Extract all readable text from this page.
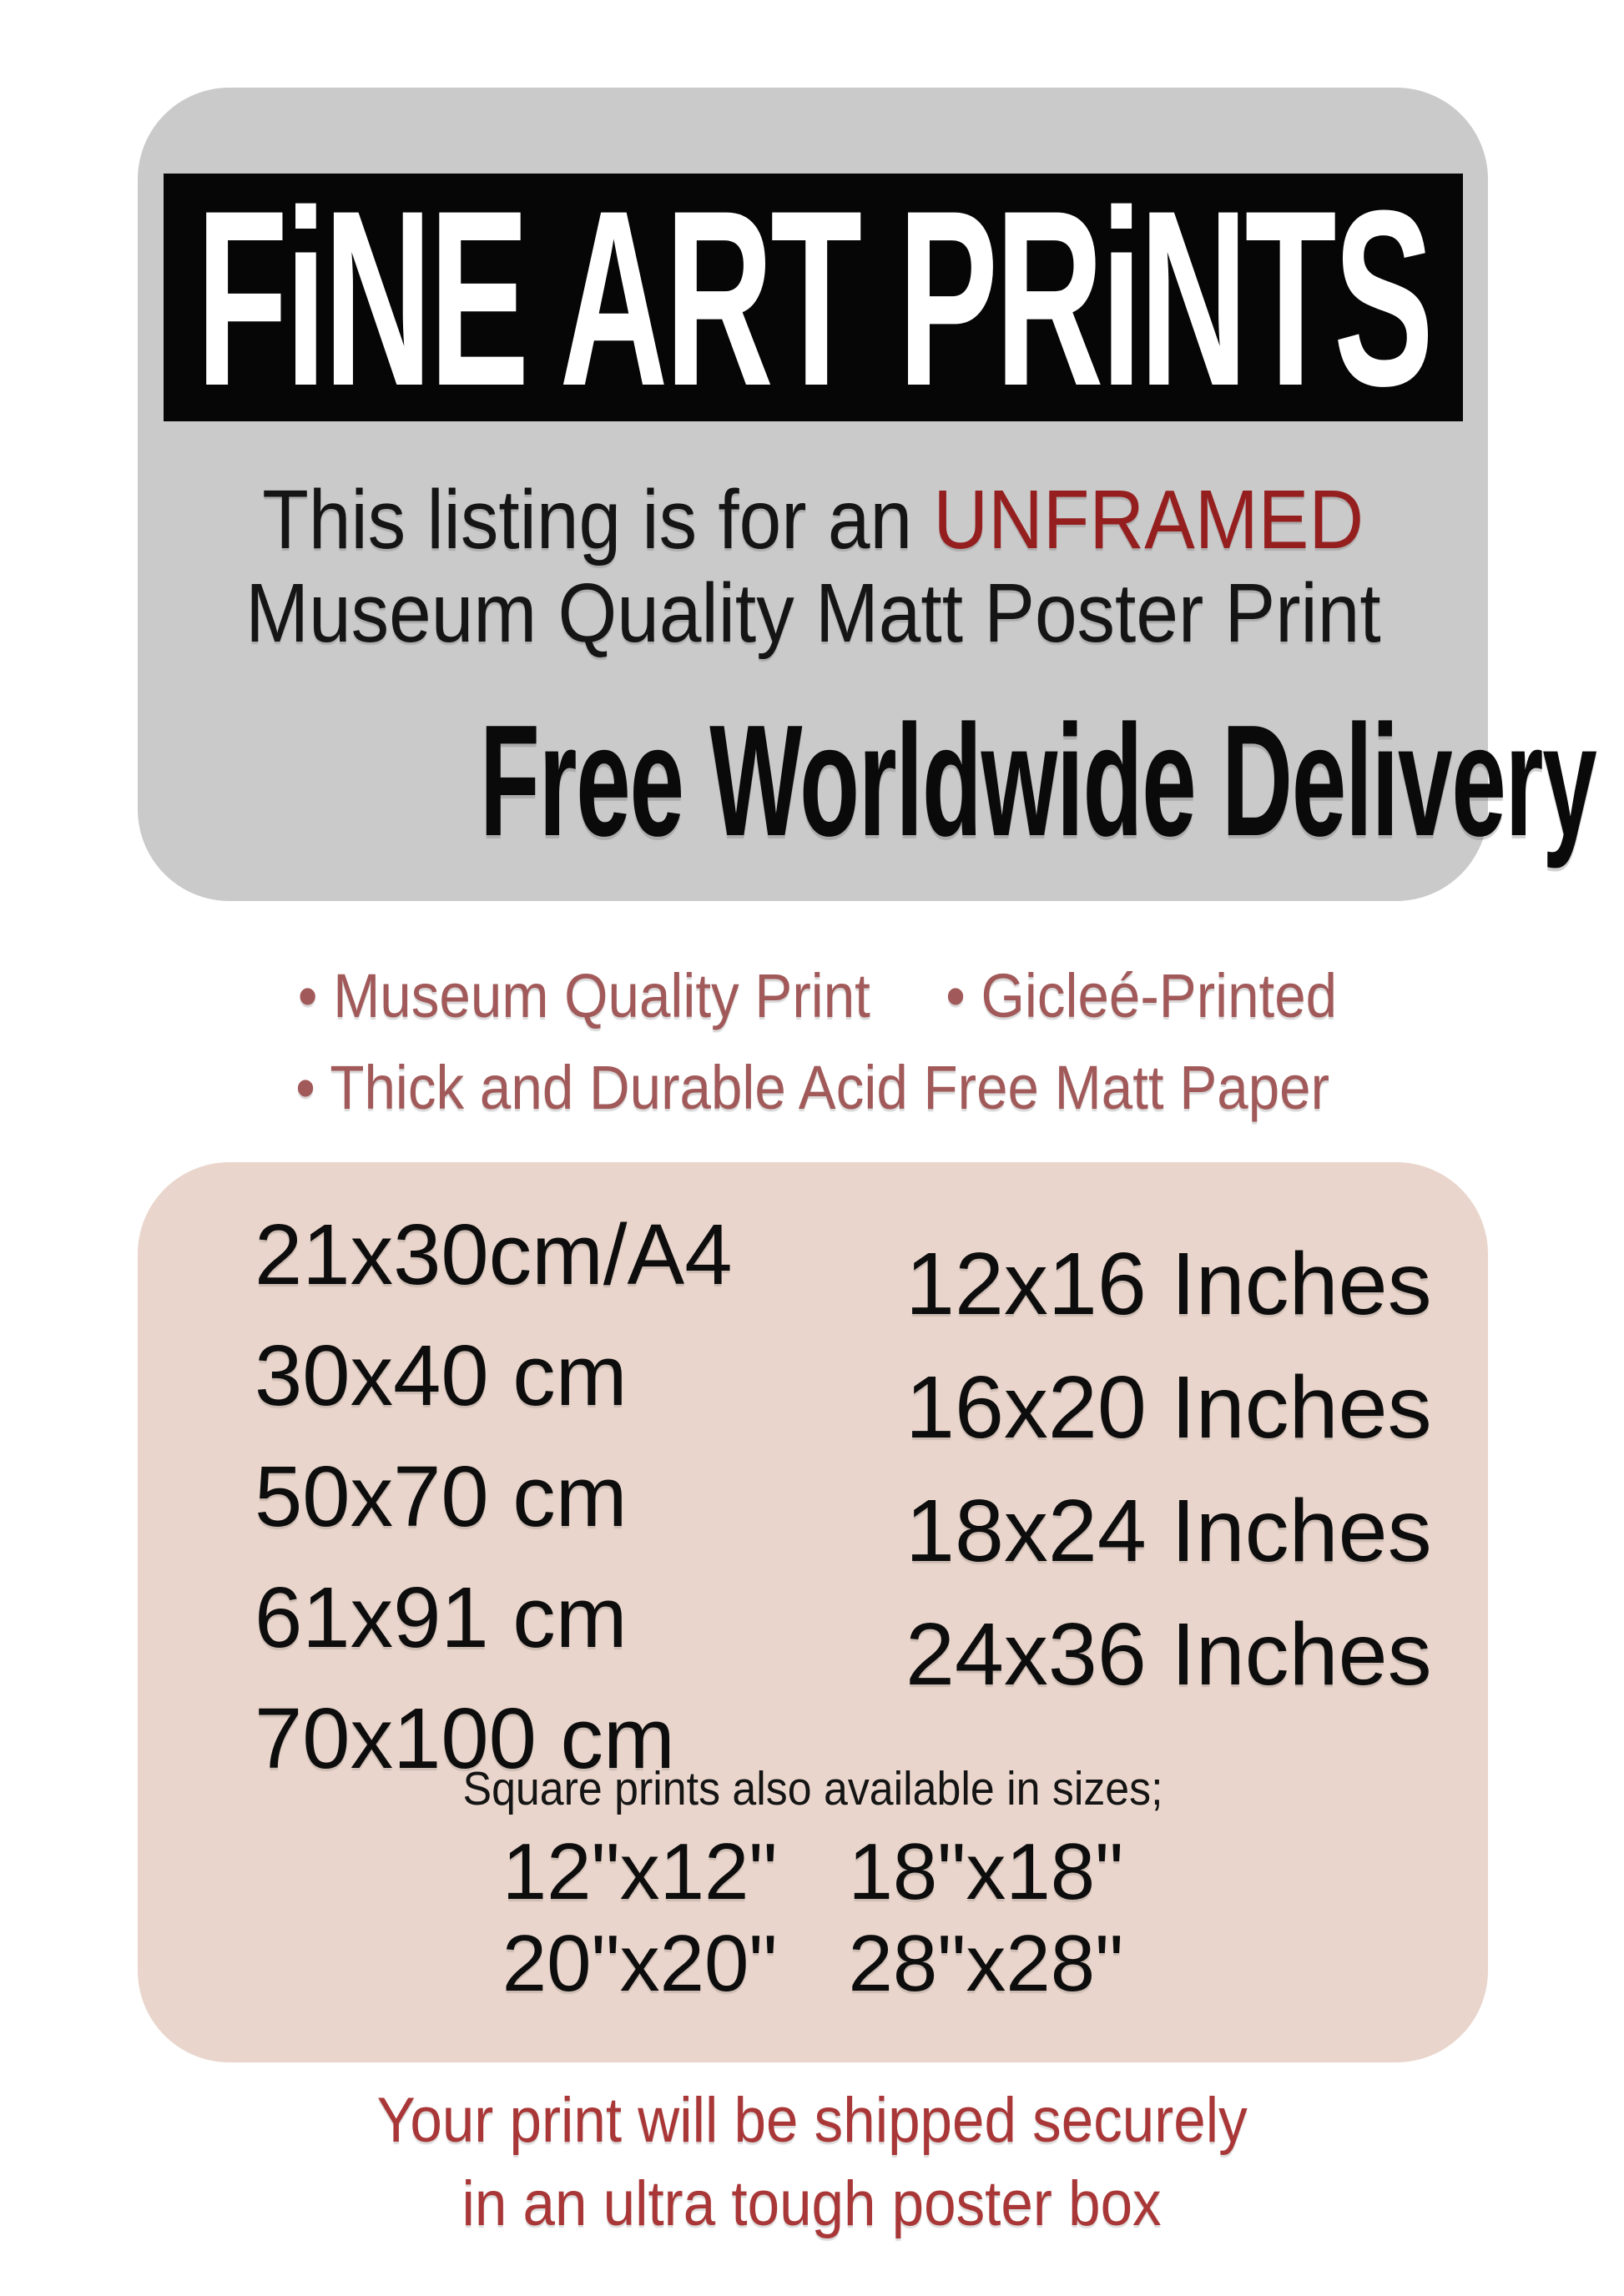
FiNE ART PRiNTS
This listing is for an UNFRAMED
Museum Quality Matt Poster Print
Free Worldwide Delivery
• Museum Quality Print • Gicleé-Printed
• Thick and Durable Acid Free Matt Paper
21x30cm/A4
30x40 cm
50x70 cm
61x91 cm
70x100 cm
12x16 Inches
16x20 Inches
18x24 Inches
24x36 Inches
Square prints also available in sizes;
12"x12" 18"x18"
20"x20" 28"x28"
Your print will be shipped securely
in an ultra tough poster box
